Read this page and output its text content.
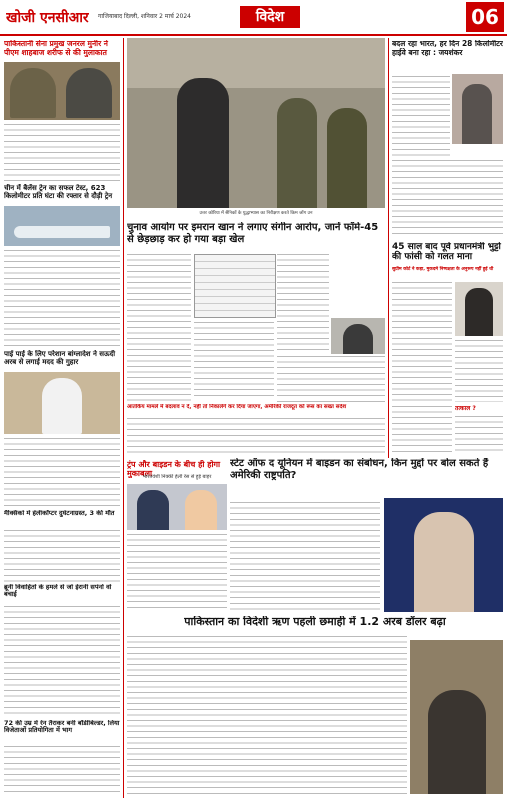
खोजी एनसीआर गाजियाबाद दिल्ली, शनिवार 2 मार्च 2024	विदेश	06
पाकिस्तानी सेना प्रमुख जनरल मुनीर ने पीएम शाहबाज शरीफ से की मुलाकात
चीन में बैलेंस ट्रेन का सफल टेस्ट, 623 किलोमीटर प्रति घंटा की रफ्तार से दौड़ी ट्रेन
पाई पाई के लिए परेशान बांग्लादेश ने सऊदी अरब से लगाई मदद की गुहार
मैक्सिको में हेलीकॉप्टर दुर्घटनाग्रस्त, 3 की मौत
ब्रूनी विवाहितों के हमले से जो ईरानी सपंनों वो बचाई
72 की उम्र में रेन तैराकर बनी बॉडीबिल्डर, लिया विजेताओं प्रतियोगिता में भाग
उत्तर कोरिया में सैनिकों के युद्धाभ्यास का निरीक्षण करते किम जोंग उन
चुनाव आयोग पर इमरान खान ने लगाए संगीन आरोप, जानें फॉर्म-45 से छेड़छाड़ कर हो गया बड़ा खेल
आतंकिय मामले में बदलाव न दें, नहीं तो निकालेंगे कर दिया जाएगा, अमेरिकी राजदूत को रूस का सख्त संदेश
ट्रंप और बाइडन के बीच ही होगा मुकाबला
भारतवंशी निक्की हेली रेस से हुई बाहर
स्टेट ऑफ द यूनियन में बाइडन का संबोधन, किन मुद्दों पर बोल सकते हैं अमेरिकी राष्ट्रपति?
पाकिस्तान का विदेशी ऋण पहली छमाही में 1.2 अरब डॉलर बढ़ा
बदल रहा भारत, हर दिन 28 किलोमीटर हाईवे बना रहा : जयशंकर
45 साल बाद पूर्व प्रधानमंत्री भुट्टो की फांसी को गलत माना
सुप्रीम कोर्ट ने कहा, मुकदमे निष्पक्षता के अनुरूप नहीं हुई थी
तत्काल ?
